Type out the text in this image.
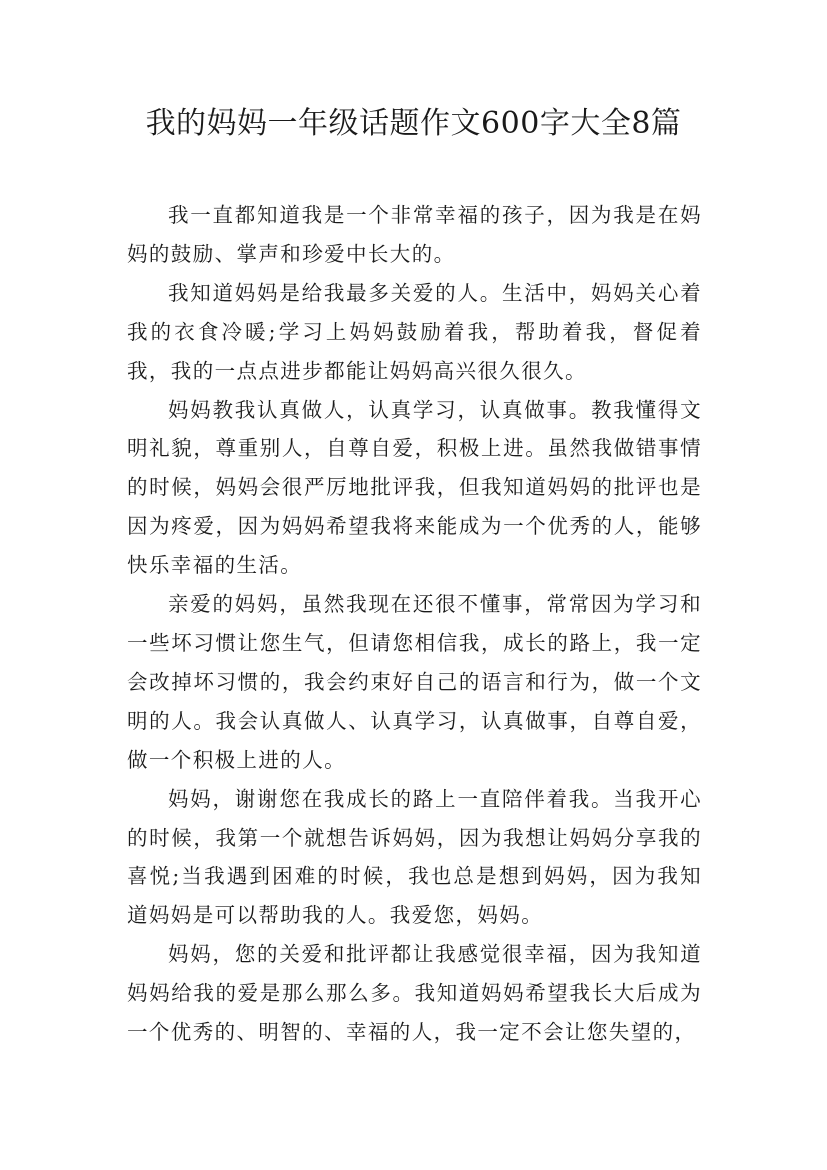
我的妈妈一年级话题作文600字大全8篇

我一直都知道我是一个非常幸福的孩子，因为我是在妈妈的鼓励、掌声和珍爱中长大的。

我知道妈妈是给我最多关爱的人。生活中，妈妈关心着我的衣食冷暖;学习上妈妈鼓励着我，帮助着我，督促着我，我的一点点进步都能让妈妈高兴很久很久。

妈妈教我认真做人，认真学习，认真做事。教我懂得文明礼貌，尊重别人，自尊自爱，积极上进。虽然我做错事情的时候，妈妈会很严厉地批评我，但我知道妈妈的批评也是因为疼爱，因为妈妈希望我将来能成为一个优秀的人，能够快乐幸福的生活。

亲爱的妈妈，虽然我现在还很不懂事，常常因为学习和一些坏习惯让您生气，但请您相信我，成长的路上，我一定会改掉坏习惯的，我会约束好自己的语言和行为，做一个文明的人。我会认真做人、认真学习，认真做事，自尊自爱，做一个积极上进的人。

妈妈，谢谢您在我成长的路上一直陪伴着我。当我开心的时候，我第一个就想告诉妈妈，因为我想让妈妈分享我的喜悦;当我遇到困难的时候，我也总是想到妈妈，因为我知道妈妈是可以帮助我的人。我爱您，妈妈。

妈妈，您的关爱和批评都让我感觉很幸福，因为我知道妈妈给我的爱是那么那么多。我知道妈妈希望我长大后成为一个优秀的、明智的、幸福的人，我一定不会让您失望的，
